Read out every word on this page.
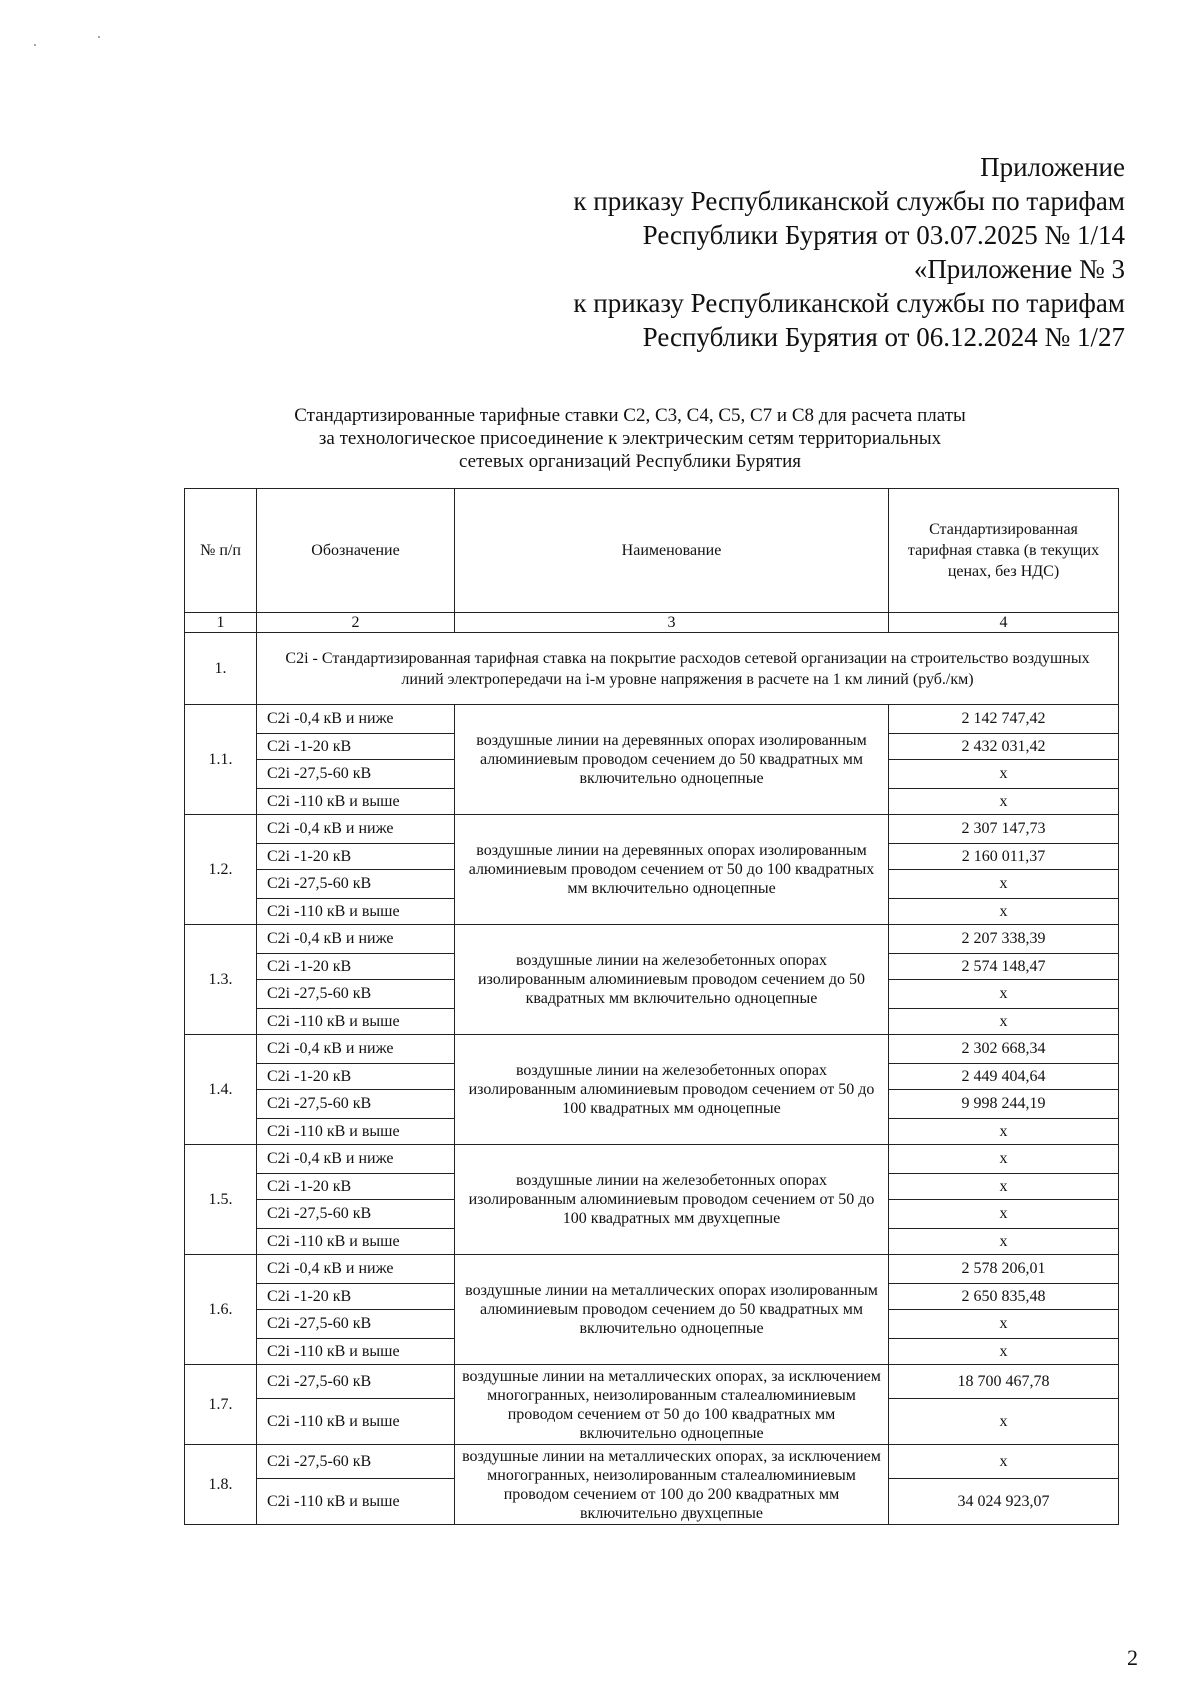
Приложение
к приказу Республиканской службы по тарифам
Республики Бурятия от 03.07.2025 № 1/14
«Приложение № 3
к приказу Республиканской службы по тарифам
Республики Бурятия от 06.12.2024 № 1/27
Стандартизированные тарифные ставки С2, С3, С4, С5, С7 и С8 для расчета платы
за технологическое присоединение к электрическим сетям территориальных
сетевых организаций Республики Бурятия
№ п/п	Обозначение	Наименование	Стандартизированная тарифная ставка (в текущих ценах, без НДС)
1	2	3	4
1.	C2i - Стандартизированная тарифная ставка на покрытие расходов сетевой организации на строительство воздушных линий электропередачи на i-м уровне напряжения в расчете на 1 км линий (руб./км)		
1.1.	C2i -0,4 кВ и ниже	воздушные линии на деревянных опорах изолированным алюминиевым проводом сечением до 50 квадратных мм включительно одноцепные	2 142 747,42
	C2i -1-20 кВ		2 432 031,42
	C2i -27,5-60 кВ		х
	C2i -110 кВ и выше		х
1.2.	C2i -0,4 кВ и ниже	воздушные линии на деревянных опорах изолированным алюминиевым проводом сечением от 50 до 100 квадратных мм включительно одноцепные	2 307 147,73
	C2i -1-20 кВ		2 160 011,37
	C2i -27,5-60 кВ		х
	C2i -110 кВ и выше		х
1.3.	C2i -0,4 кВ и ниже	воздушные линии на железобетонных опорах изолированным алюминиевым проводом сечением до 50 квадратных мм включительно одноцепные	2 207 338,39
	C2i -1-20 кВ		2 574 148,47
	C2i -27,5-60 кВ		х
	C2i -110 кВ и выше		х
1.4.	C2i -0,4 кВ и ниже	воздушные линии на железобетонных опорах изолированным алюминиевым проводом сечением от 50 до 100 квадратных мм одноцепные	2 302 668,34
	C2i -1-20 кВ		2 449 404,64
	C2i -27,5-60 кВ		9 998 244,19
	C2i -110 кВ и выше		х
1.5.	C2i -0,4 кВ и ниже	воздушные линии на железобетонных опорах изолированным алюминиевым проводом сечением от 50 до 100 квадратных мм двухцепные	х
	C2i -1-20 кВ		х
	C2i -27,5-60 кВ		х
	C2i -110 кВ и выше		х
1.6.	C2i -0,4 кВ и ниже	воздушные линии на металлических опорах изолированным алюминиевым проводом сечением до 50 квадратных мм включительно одноцепные	2 578 206,01
	C2i -1-20 кВ		2 650 835,48
	C2i -27,5-60 кВ		х
	C2i -110 кВ и выше		х
1.7.	C2i -27,5-60 кВ	воздушные линии на металлических опорах, за исключением многогранных, неизолированным сталеалюминиевым проводом сечением от 50 до 100 квадратных мм включительно одноцепные	18 700 467,78
	C2i -110 кВ и выше		х
1.8.	C2i -27,5-60 кВ	воздушные линии на металлических опорах, за исключением многогранных, неизолированным сталеалюминиевым проводом сечением от 100 до 200 квадратных мм включительно двухцепные	х
	C2i -110 кВ и выше		34 024 923,07
2
